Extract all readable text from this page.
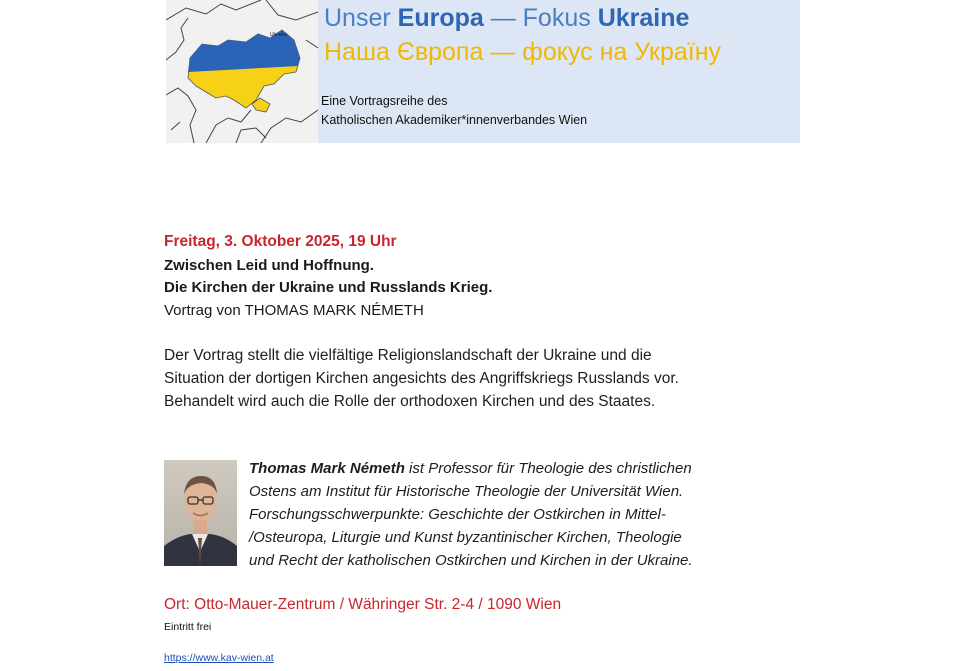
Ukraine
Unser Europa — Fokus Ukraine
Наша Європа — фокус на Україну
Eine Vortragsreihe des
Katholischen Akademiker*innenverbandes Wien
Freitag, 3. Oktober 2025, 19 Uhr
Zwischen Leid und Hoffnung.
Die Kirchen der Ukraine und Russlands Krieg.
Vortrag von THOMAS MARK NÉMETH
Der Vortrag stellt die vielfältige Religionslandschaft der Ukraine und die
Situation der dortigen Kirchen angesichts des Angriffskriegs Russlands vor.
Behandelt wird auch die Rolle der orthodoxen Kirchen und des Staates.
Thomas Mark Németh ist Professor für Theologie des christlichen
Ostens am Institut für Historische Theologie der Universität Wien.
Forschungsschwerpunkte: Geschichte der Ostkirchen in Mittel-
/Osteuropa, Liturgie und Kunst byzantinischer Kirchen, Theologie
und Recht der katholischen Ostkirchen und Kirchen in der Ukraine.
Ort: Otto-Mauer-Zentrum / Währinger Str. 2-4 / 1090 Wien
Eintritt frei
https://www.kav-wien.at
